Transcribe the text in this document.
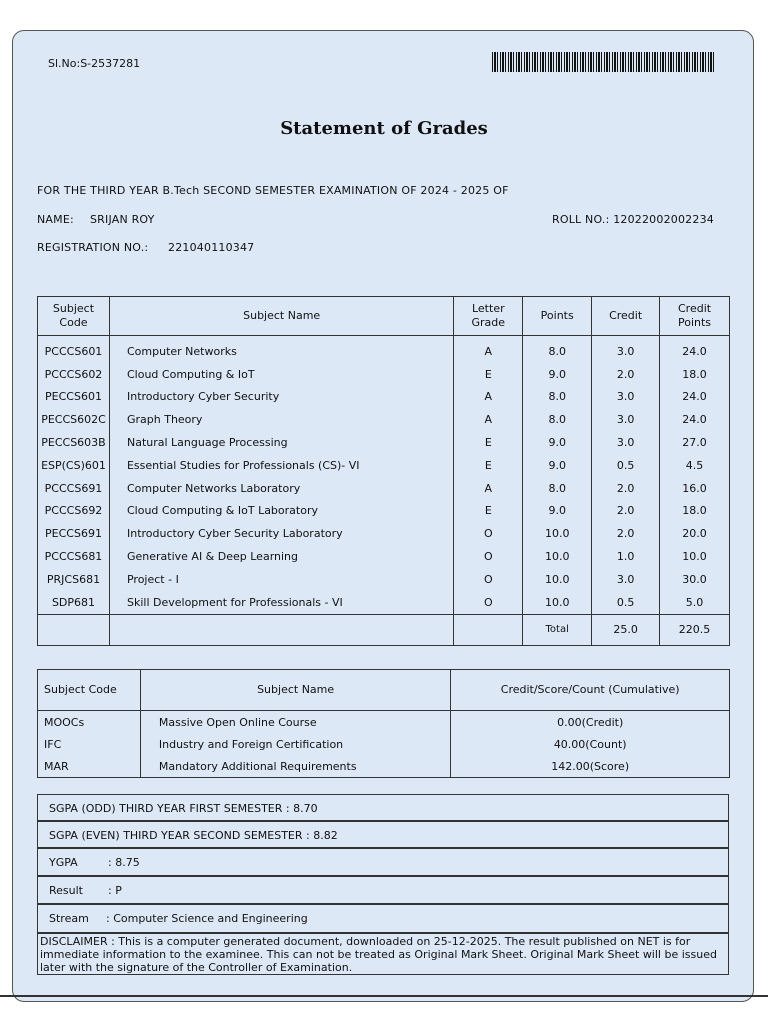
Sl.No:S-2537281
Statement of Grades
FOR THE THIRD YEAR B.Tech SECOND SEMESTER EXAMINATION OF 2024 - 2025 OF
NAME: SRIJAN ROY	ROLL NO.: 12022002002234
REGISTRATION NO.: 221040110347
Subject Code	Subject Name	Letter Grade	Points	Credit	Credit Points
PCCCS601	Computer Networks	A	8.0	3.0	24.0
PCCCS602	Cloud Computing & IoT	E	9.0	2.0	18.0
PECCS601	Introductory Cyber Security	A	8.0	3.0	24.0
PECCS602C	Graph Theory	A	8.0	3.0	24.0
PECCS603B	Natural Language Processing	E	9.0	3.0	27.0
ESP(CS)601	Essential Studies for Professionals (CS)- VI	E	9.0	0.5	4.5
PCCCS691	Computer Networks Laboratory	A	8.0	2.0	16.0
PCCCS692	Cloud Computing & IoT Laboratory	E	9.0	2.0	18.0
PECCS691	Introductory Cyber Security Laboratory	O	10.0	2.0	20.0
PCCCS681	Generative AI & Deep Learning	O	10.0	1.0	10.0
PRJCS681	Project - I	O	10.0	3.0	30.0
SDP681	Skill Development for Professionals - VI	O	10.0	0.5	5.0
			Total	25.0	220.5
Subject Code	Subject Name	Credit/Score/Count (Cumulative)
MOOCs	Massive Open Online Course	0.00(Credit)
IFC	Industry and Foreign Certification	40.00(Count)
MAR	Mandatory Additional Requirements	142.00(Score)
SGPA (ODD) THIRD YEAR FIRST SEMESTER : 8.70
SGPA (EVEN) THIRD YEAR SECOND SEMESTER : 8.82
YGPA	: 8.75
Result : P
Stream : Computer Science and Engineering
DISCLAIMER : This is a computer generated document, downloaded on 25-12-2025. The result published on NET is for immediate information to the examinee. This can not be treated as Original Mark Sheet. Original Mark Sheet will be issued later with the signature of the Controller of Examination.
